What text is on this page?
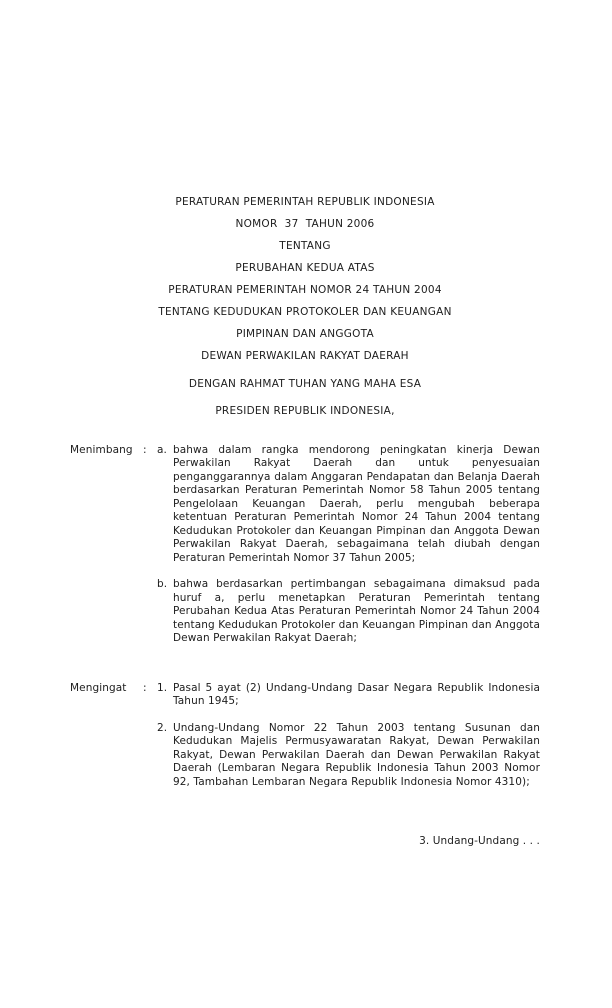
PERATURAN PEMERINTAH REPUBLIK INDONESIA
NOMOR  37  TAHUN 2006
TENTANG
PERUBAHAN KEDUA ATAS
PERATURAN PEMERINTAH NOMOR 24 TAHUN 2004
TENTANG KEDUDUKAN PROTOKOLER DAN KEUANGAN
PIMPINAN DAN ANGGOTA
DEWAN PERWAKILAN RAKYAT DAERAH
DENGAN RAHMAT TUHAN YANG MAHA ESA
PRESIDEN REPUBLIK INDONESIA,
Menimbang : a. bahwa dalam rangka mendorong peningkatan kinerja Dewan Perwakilan Rakyat Daerah dan untuk penyesuaian penganggarannya dalam Anggaran Pendapatan dan Belanja Daerah berdasarkan Peraturan Pemerintah Nomor 58 Tahun 2005 tentang Pengelolaan Keuangan Daerah, perlu mengubah beberapa ketentuan Peraturan Pemerintah Nomor 24 Tahun 2004 tentang Kedudukan Protokoler dan Keuangan Pimpinan dan Anggota Dewan Perwakilan Rakyat Daerah, sebagaimana telah diubah dengan Peraturan Pemerintah Nomor 37 Tahun 2005;
b. bahwa berdasarkan pertimbangan sebagaimana dimaksud pada huruf a, perlu menetapkan Peraturan Pemerintah tentang Perubahan Kedua Atas Peraturan Pemerintah Nomor 24 Tahun 2004 tentang Kedudukan Protokoler dan Keuangan Pimpinan dan Anggota Dewan Perwakilan Rakyat Daerah;
Mengingat	: 1. Pasal 5 ayat (2) Undang-Undang Dasar Negara Republik Indonesia Tahun 1945;
2. Undang-Undang Nomor 22 Tahun 2003 tentang Susunan dan Kedudukan Majelis Permusyawaratan Rakyat, Dewan Perwakilan Rakyat, Dewan Perwakilan Daerah dan Dewan Perwakilan Rakyat Daerah (Lembaran Negara Republik Indonesia Tahun 2003 Nomor 92, Tambahan Lembaran Negara Republik Indonesia Nomor 4310);
3. Undang-Undang . . .
